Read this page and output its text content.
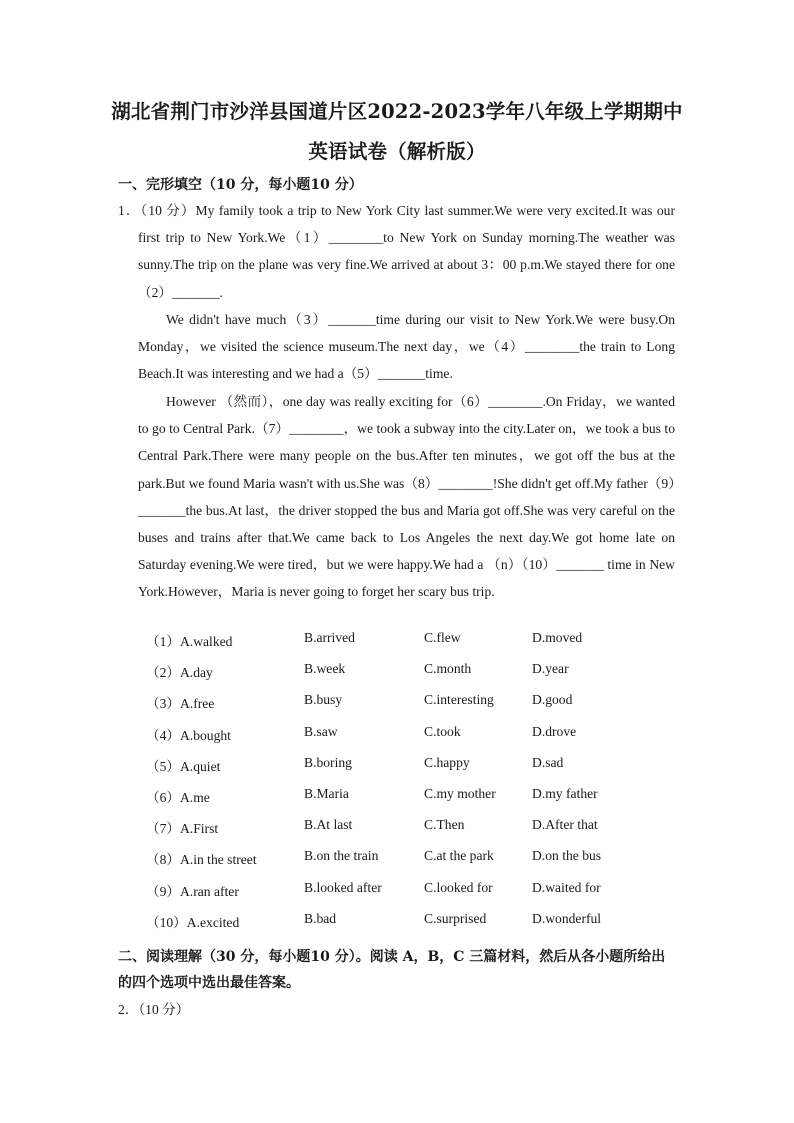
湖北省荆门市沙洋县国道片区2022-2023学年八年级上学期期中
英语试卷（解析版）
一、完形填空（10 分，每小题10 分）
1．（10 分）My family took a trip to New York City last summer.We were very excited.It was our first trip to New York.We（1）________to New York on Sunday morning.The weather was sunny.The trip on the plane was very fine.We arrived at about 3：00 p.m.We stayed there for one（2）_______.
We didn't have much（3）_______time during our visit to New York.We were busy.On Monday，we visited the science museum.The next day，we（4）________the train to Long Beach.It was interesting and we had a（5）_______time.
However （然而），one day was really exciting for（6）________.On Friday，we wanted to go to Central Park.（7）________，we took a subway into the city.Later on，we took a bus to Central Park.There were many people on the bus.After ten minutes，we got off the bus at the park.But we found Maria wasn't with us.She was（8）________!She didn't get off.My father（9）_______the bus.At last，the driver stopped the bus and Maria got off.She was very careful on the buses and trains after that.We came back to Los Angeles the next day.We got home late on Saturday evening.We were tired，but we were happy.We had a （n）（10）_______ time in New York.However，Maria is never going to forget her scary bus trip.
（1）A.walked	B.arrived	C.flew	D.moved
（2）A.day	B.week	C.month	D.year
（3）A.free	B.busy	C.interesting	D.good
（4）A.bought	B.saw	C.took	D.drove
（5）A.quiet	B.boring	C.happy	D.sad
（6）A.me	B.Maria	C.my mother	D.my father
（7）A.First	B.At last	C.Then	D.After that
（8）A.in the street	B.on the train	C.at the park	D.on the bus
（9）A.ran after	B.looked after	C.looked for	D.waited for
（10）A.excited	B.bad	C.surprised	D.wonderful
二、阅读理解（30 分，每小题10 分）。阅读 A，B，C 三篇材料，然后从各小题所给出的四个选项中选出最佳答案。
2．（10 分）
